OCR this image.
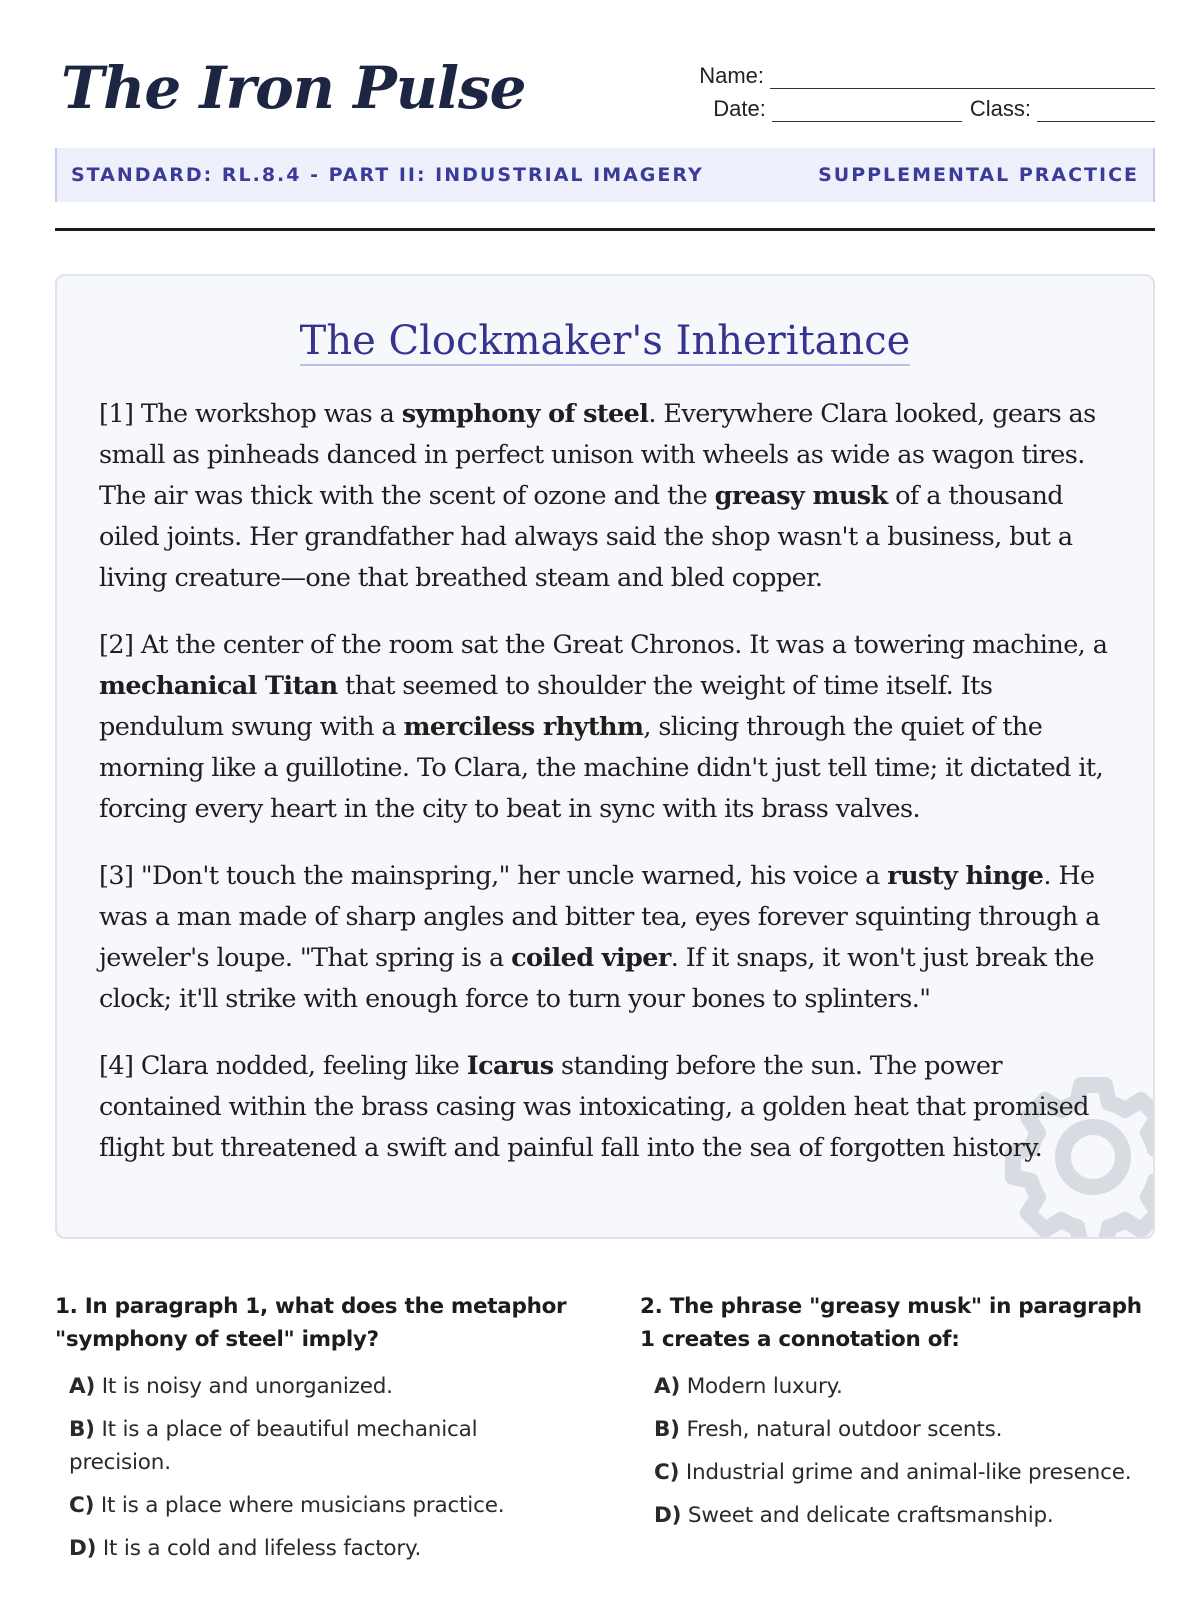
The Iron Pulse	Name:
Date:	Class:
STANDARD: RL.8.4 - PART II: INDUSTRIAL IMAGERY	SUPPLEMENTAL PRACTICE
The Clockmaker's Inheritance

[1] The workshop was a symphony of steel. Everywhere Clara looked, gears as small as pinheads danced in perfect unison with wheels as wide as wagon tires. The air was thick with the scent of ozone and the greasy musk of a thousand oiled joints. Her grandfather had always said the shop wasn't a business, but a living creature—one that breathed steam and bled copper.

[2] At the center of the room sat the Great Chronos. It was a towering machine, a mechanical Titan that seemed to shoulder the weight of time itself. Its pendulum swung with a merciless rhythm, slicing through the quiet of the morning like a guillotine. To Clara, the machine didn't just tell time; it dictated it, forcing every heart in the city to beat in sync with its brass valves.

[3] "Don't touch the mainspring," her uncle warned, his voice a rusty hinge. He was a man made of sharp angles and bitter tea, eyes forever squinting through a jeweler's loupe. "That spring is a coiled viper. If it snaps, it won't just break the clock; it'll strike with enough force to turn your bones to splinters."

[4] Clara nodded, feeling like Icarus standing before the sun. The power contained within the brass casing was intoxicating, a golden heat that promised flight but threatened a swift and painful fall into the sea of forgotten history.

1. In paragraph 1, what does the metaphor "symphony of steel" imply?
A) It is noisy and unorganized.
B) It is a place of beautiful mechanical precision.
C) It is a place where musicians practice.
D) It is a cold and lifeless factory.
2. The phrase "greasy musk" in paragraph 1 creates a connotation of:
A) Modern luxury.
B) Fresh, natural outdoor scents.
C) Industrial grime and animal-like presence.
D) Sweet and delicate craftsmanship.
